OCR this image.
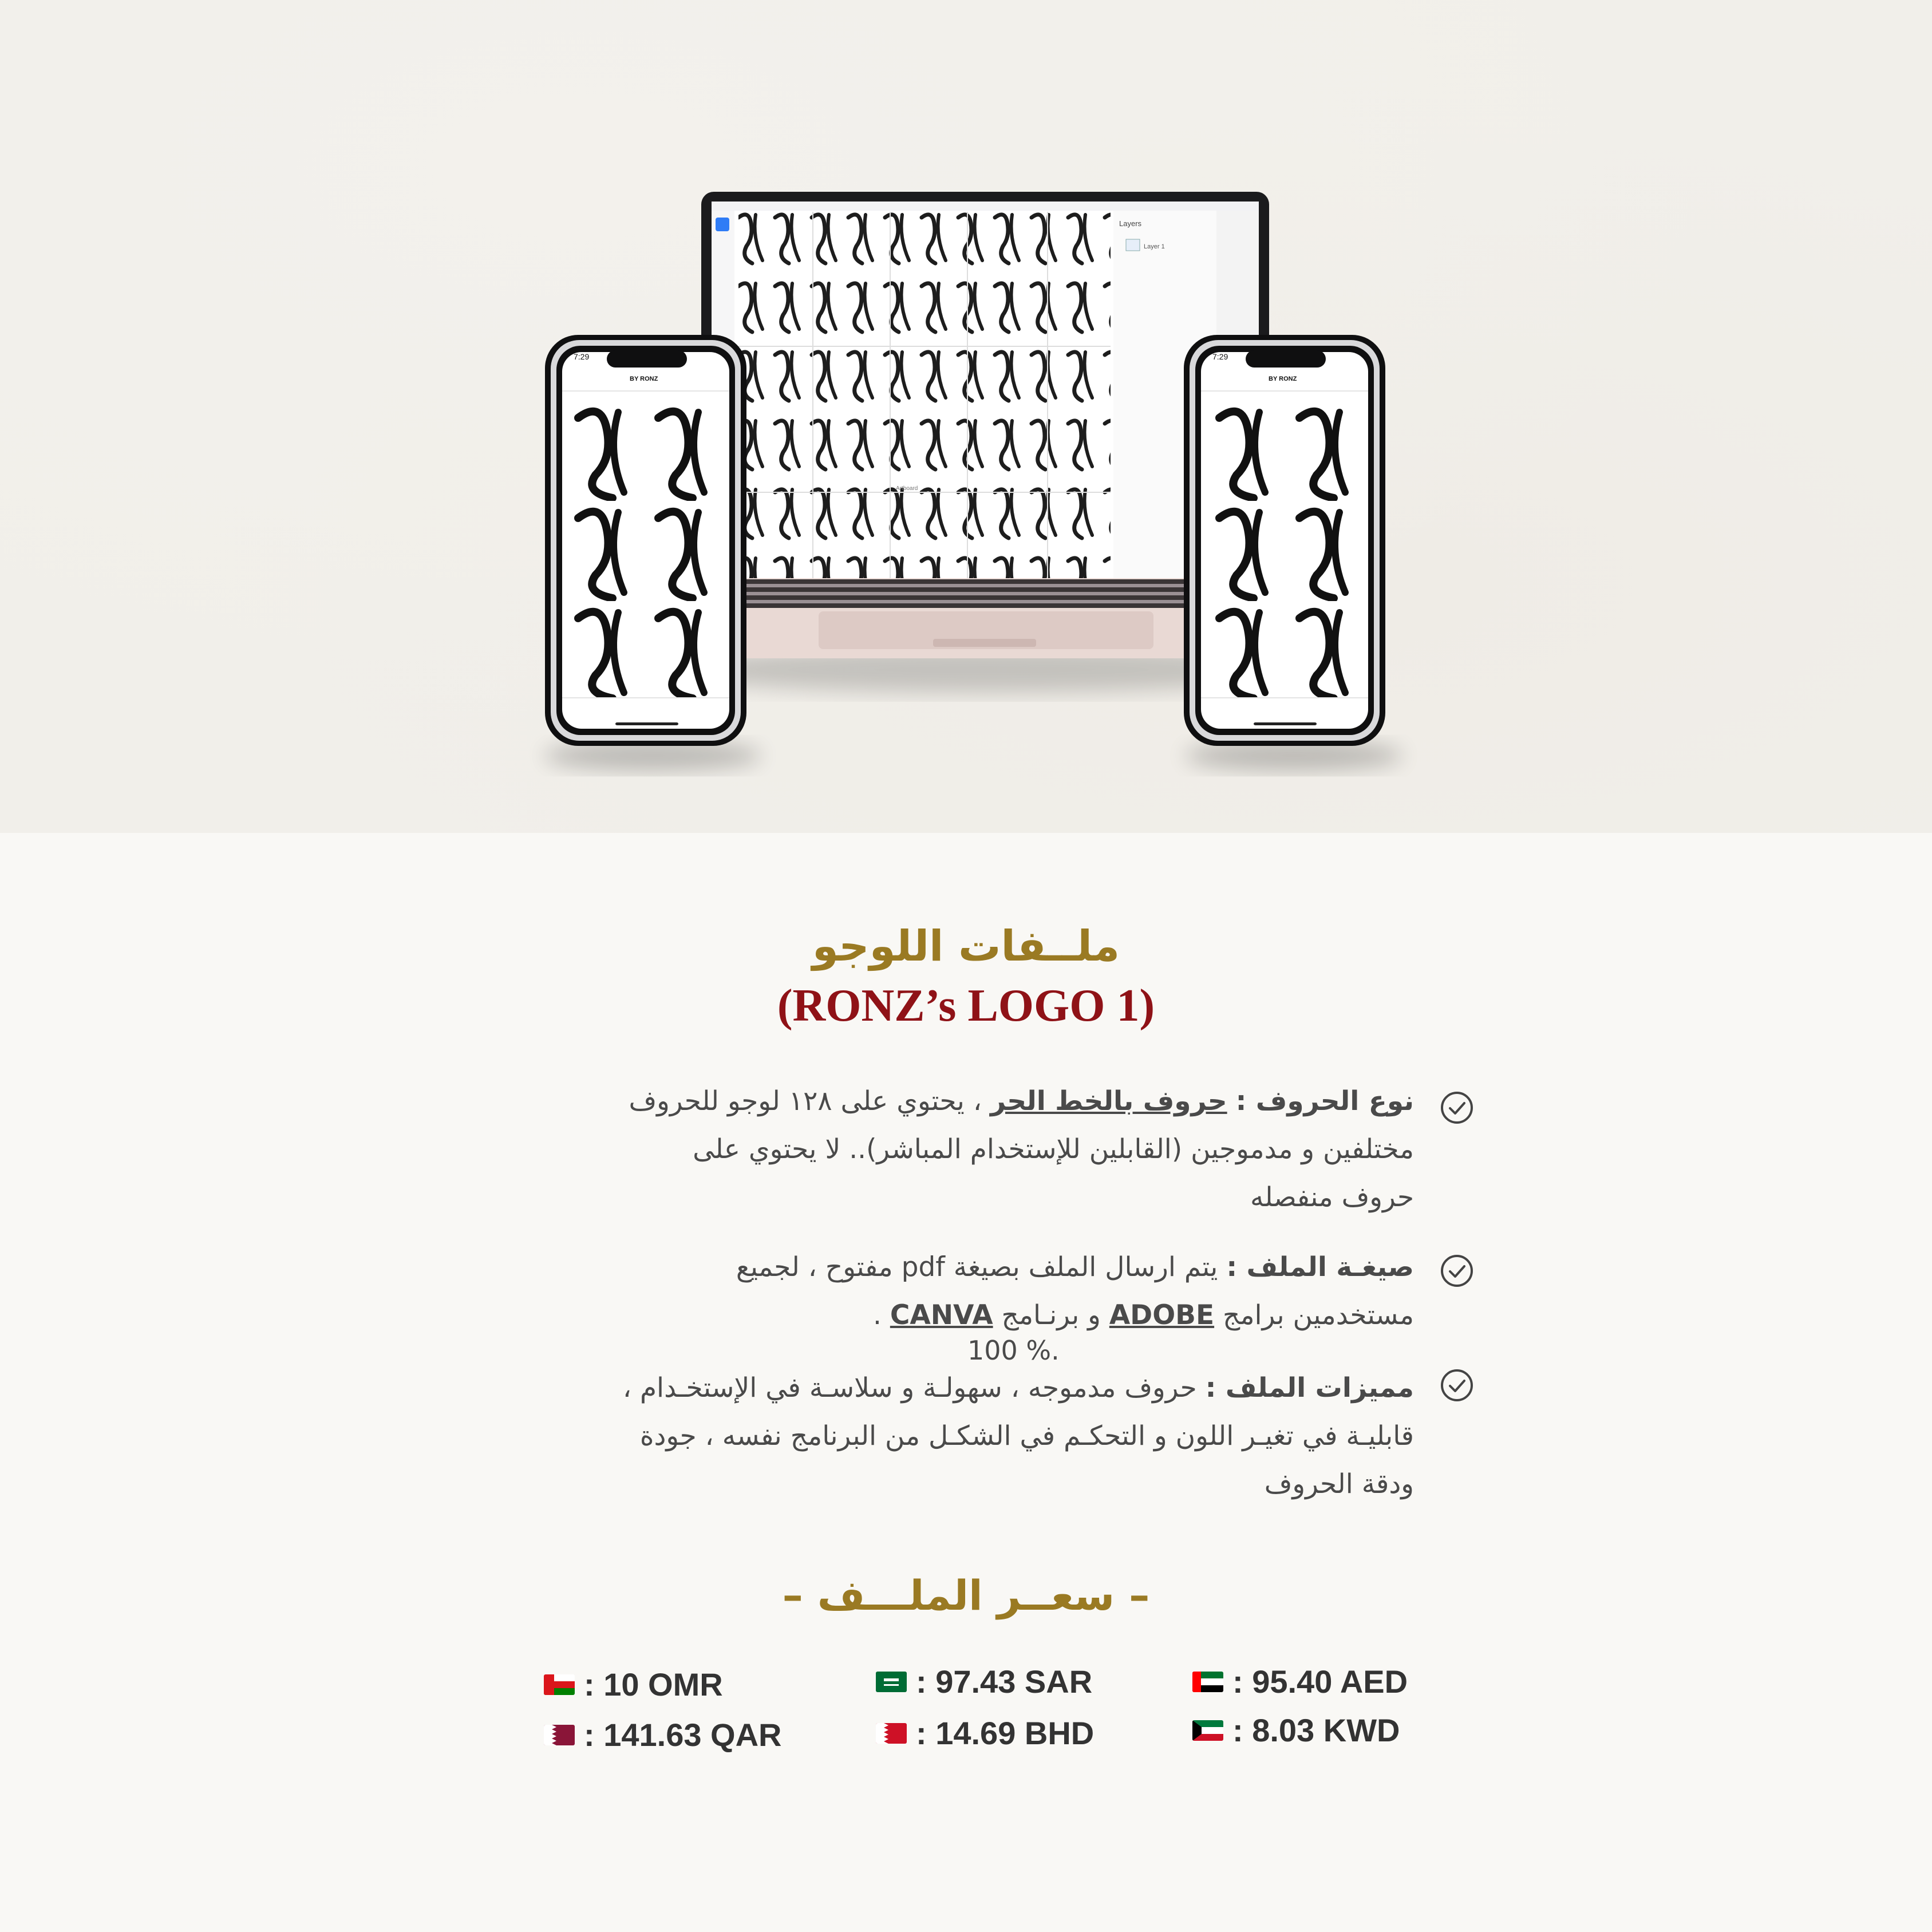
Layers
Layer 1
Artboard
7:29
BY RONZ
7:29
BY RONZ
ملــفات اللوجو
(RONZ’s LOGO 1)
نوع الحروف : حروف بالخط الحر ، يحتوي على ١٢٨ لوجو للحروف مختلفين و مدموجين (القابلين للإستخدام المباشر).. لا يحتوي على حروف منفصله
صيغـة الملف : يتم ارسال الملف بصيغة pdf مفتوح ، لجميع مستخدمين برامج ADOBE و برنـامج CANVA .
100 %.
مميزات الملف : حروف مدموجه ، سهولـة و سلاسـة في الإستخـدام ، قابليـة في تغيـر اللون و التحكـم في الشكـل من البرنامج نفسه ، جودة ودقة الحروف
– سعــر الملـــف –
: 95.40 AED
: 97.43 SAR
: 10 OMR
: 8.03 KWD
: 14.69 BHD
: 141.63 QAR
